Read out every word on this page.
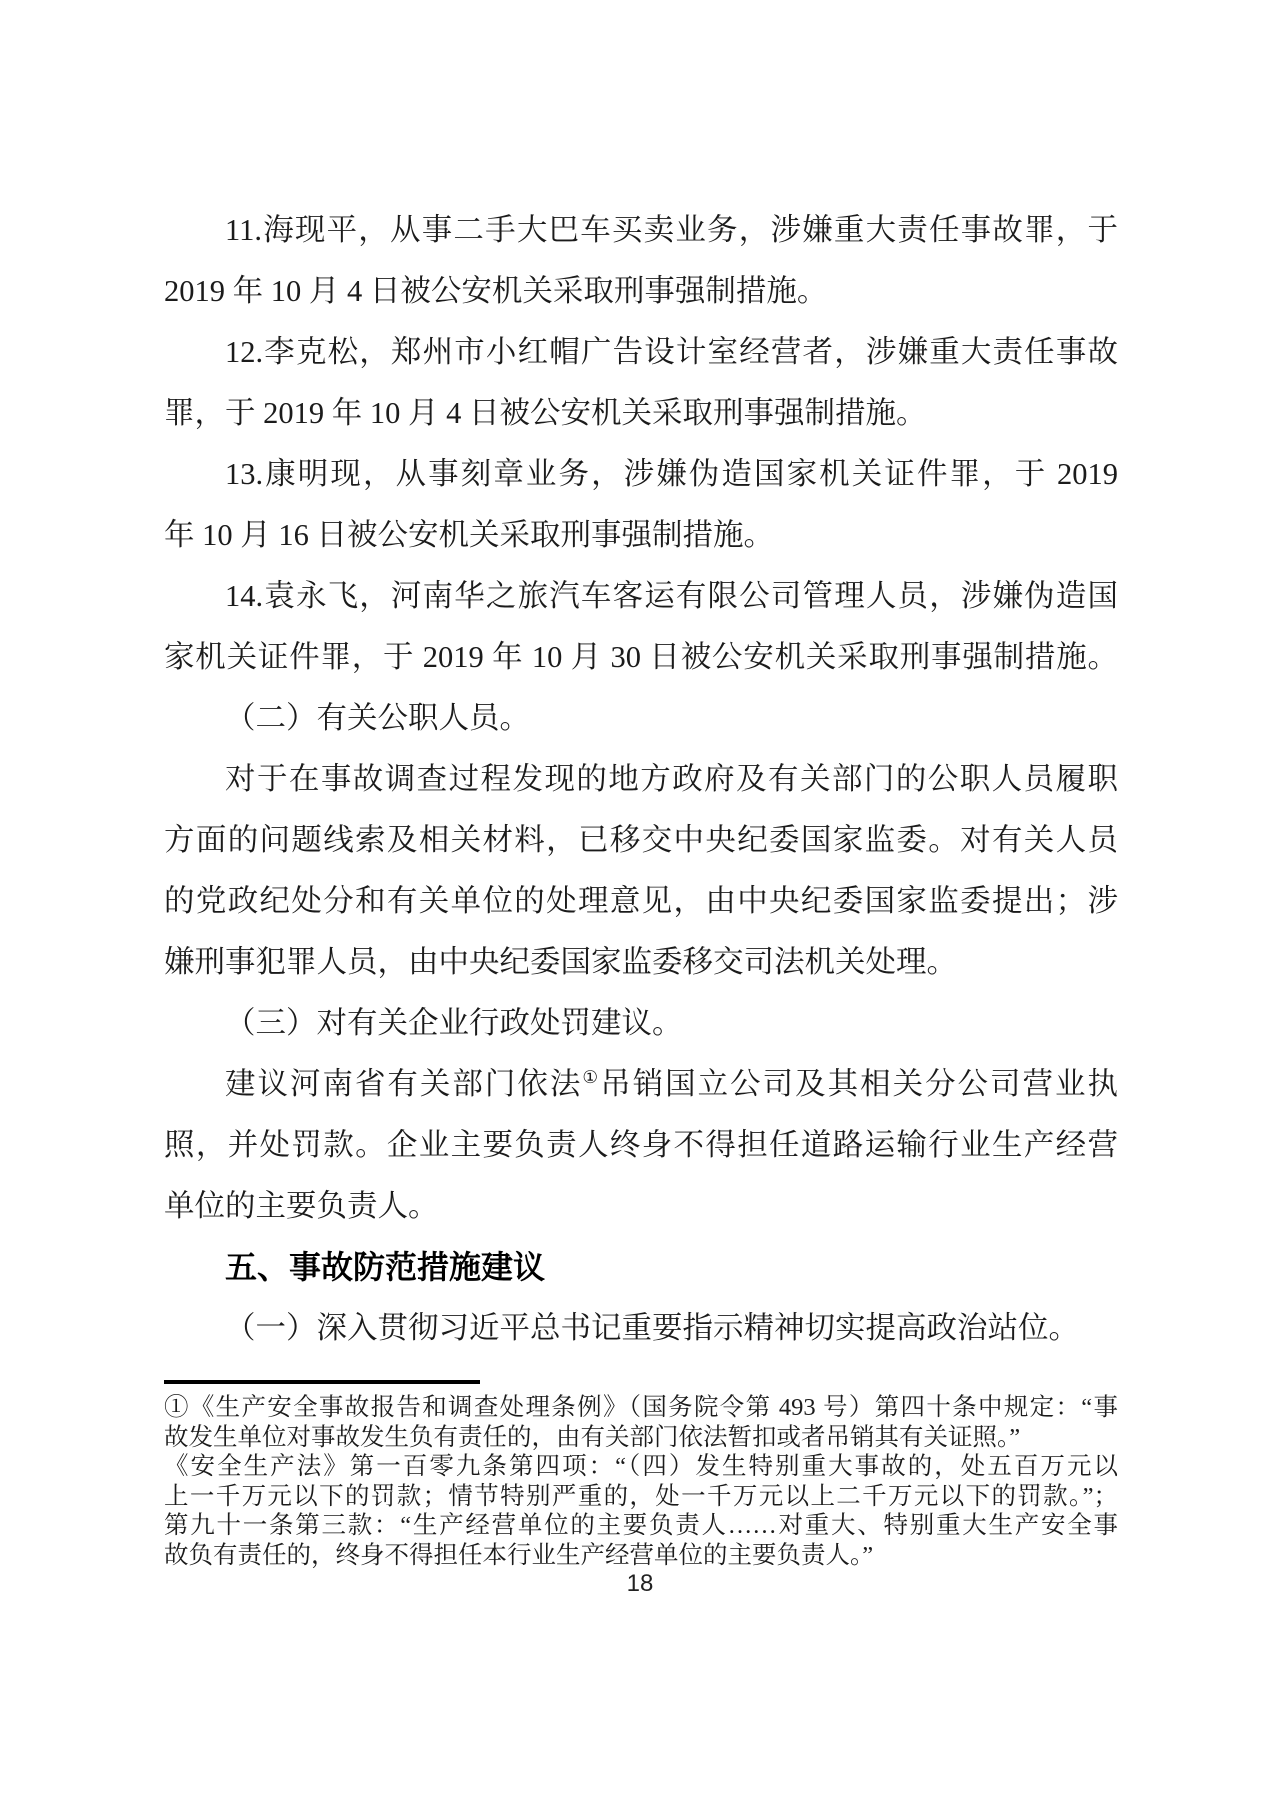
11.海现平，从事二手大巴车买卖业务，涉嫌重大责任事故罪，于
2019 年 10 月 4 日被公安机关采取刑事强制措施。
12.李克松，郑州市小红帽广告设计室经营者，涉嫌重大责任事故
罪，于 2019 年 10 月 4 日被公安机关采取刑事强制措施。
13.康明现，从事刻章业务，涉嫌伪造国家机关证件罪，于 2019
年 10 月 16 日被公安机关采取刑事强制措施。
14.袁永飞，河南华之旅汽车客运有限公司管理人员，涉嫌伪造国
家机关证件罪，于 2019 年 10 月 30 日被公安机关采取刑事强制措施。
（二）有关公职人员。
对于在事故调查过程发现的地方政府及有关部门的公职人员履职
方面的问题线索及相关材料，已移交中央纪委国家监委。对有关人员
的党政纪处分和有关单位的处理意见，由中央纪委国家监委提出；涉
嫌刑事犯罪人员，由中央纪委国家监委移交司法机关处理。
（三）对有关企业行政处罚建议。
建议河南省有关部门依法①吊销国立公司及其相关分公司营业执
照，并处罚款。企业主要负责人终身不得担任道路运输行业生产经营
单位的主要负责人。
五、事故防范措施建议
（一）深入贯彻习近平总书记重要指示精神切实提高政治站位。
①《生产安全事故报告和调查处理条例》（国务院令第 493 号）第四十条中规定：“事
故发生单位对事故发生负有责任的，由有关部门依法暂扣或者吊销其有关证照。”
《安全生产法》第一百零九条第四项：“（四）发生特别重大事故的，处五百万元以
上一千万元以下的罚款；情节特别严重的，处一千万元以上二千万元以下的罚款。”；
第九十一条第三款：“生产经营单位的主要负责人……对重大、特别重大生产安全事
故负有责任的，终身不得担任本行业生产经营单位的主要负责人。”
18
